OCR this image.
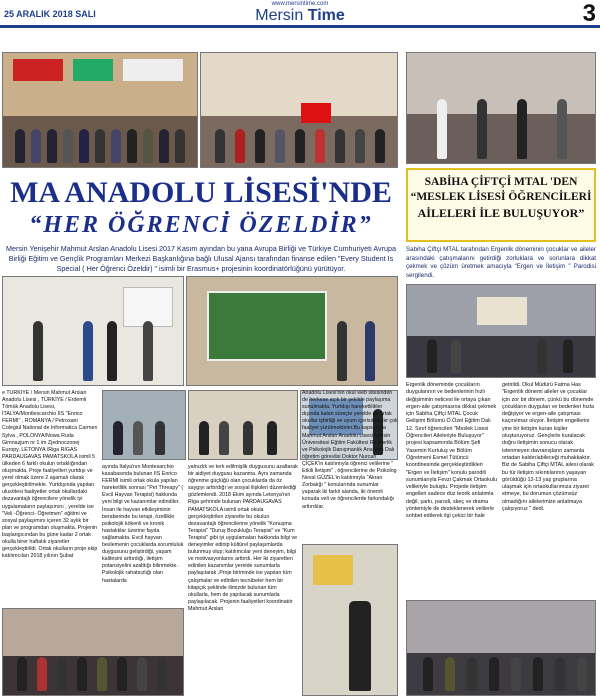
25 ARALIK 2018 SALI
www.mersintime.com
Mersin Time	3
MA ANADOLU LİSESİ'NDE
“HER ÖĞRENCİ ÖZELDİR”
Mersin Yenişehir Mahmut Arslan Anadolu Lisesi 2017 Kasım ayından bu yana Avrupa Birliği ve Türkiye Cumhuriyeti Avrupa Birliği Eğitim ve Gençlik Programları Merkezi Başkanlığına bağlı Ulusal Ajansı tarafından finanse edilen "Every Student Is Special ( Her Öğrenci Özeldir) " isimli bir Erasmus+ projesinin koordinatörlüğünü yürütüyor.
e TÜRKİYE / Mersin Mahmut Arslan Anadolu Lisesi , TÜRKİYE / Erdemli Tömük Anadolu Lisesi, İTALYA/Montlescarchio IIS "Enrico FERMI" , ROMANYA / Petrosani Colegiul National de Informatica Carmen Sylva , POLONYA/Nowa Ruda Gimnazjum nr 1 im Zjednoczonej Europy, LETONYA /Riga RIGAS PARDAUGAVAS PAMATSKOLA isimli 5 ülkeden 6 farklı okulun ortaklığından oluşmakta. Proje faaliyetleri yurtdışı ve yerel olmak üzere 2 aşamalı olarak gerçekleştirilmekte. Yurtdışında yapılan ulusötesi faaliyetler ortak okullardaki dezavantajlı öğrencilere yönelik iyi uygulamaların paylaşımını , yerelde ise "Veli -Öğrenci- Öğretmen" eğitimi ve sosyal paylaşımını içeren 32 aylık bir plan ve programdan oluşmakta. Projenin başlangıcından bu güne kadar 2 ortak okulla birer haftalık ziyaretler gerçekleştirildi. Ortak okulların proje ekip katılımcıları 2018 yılının Şubat
ayında İtalya'nın Montesarchio kasabasında bulunan IIS Enrico FERMI isimli ortak okula yapılan hareketlilik sonrası "Pet Threapy" ( Evcil Hayvan Terapisi) hakkında yeni bilgi ve kazanımlar edindiler. İnsan ile hayvan etkileşiminin beraberinde bu terapi, özellikle psikolojik kökenli ve kronik hastalıklar üzerine fayda sağlamakta. Evcil hayvan beslemenin çocuklarda sorumluluk duygusunu geliştirdiği, yaşam kalitesini arttırdığı, iletişim potansiyelini azalttığı bilinmekte. Psikolojik rahatsızlığı olan hastalarda
yalnızlık ve terk edilmişlik duygusunu azaltarak bir aidiyet duygusu kazanma. Aynı zamanda öğrenme güçlüğü olan çocuklarda da öz saygıyı arttırdığı ve sosyal ilişkileri düzenlediği gözlemlendi. 2018 Ekim ayında Letonya'nın Riga şehrinde bulunan PARDAUGAVAS PAMATSKOLA isimli ortak okula gerçekleştirilen ziyarette bu okulun dezavantajlı öğrencilerine yönelik "Konuşma Terapisi" "Duruş Bozukluğu Terapisi" ve "Kum Terapisi" gibi iyi uygulamaları hakkında bilgi ve deneyimler edinip kültürel paylaşımlarda bulunmuş olup; katılımcılar yeni deneyim, bilgi ve motivasyonlarını arttırdı. Her iki ziyaretten edinilen kazanımlar yerelde sunumlarla paylaşılarak ,Proje biriminde ise yapılan tüm çalışmalar ve edinilen tecrübeler hem bir kitapçık şeklinde ilimizde bulunan tüm okullarla, hem de yapılacak sunumlarla paylaşılacak. Projenin faaliyetleri koordinatör Mahmut Arslan
Anadolu Lisesi'nin okul web sitesinden de herkese açık bir şekilde paylaşıma sunulmakta. Yurtdışı hareketlilikler dışında kalan süreçte yerelde de ortak okullar işbirliği ve uyum içerisinde bir çok faaliyet yürütmekteler.Bu kapsamda Mahmut Arslan Anadolu Lisesi Mersin Üniversitesi Eğitim Fakültesi Rehberlik ve Psikolojik Danışmanlık Anabilim Dalı öğretim görevlisi Doktor Nurcan ÇİÇEK'in katılımıyla öğrenci velilerine " Etkili İletişim" , öğrencilerine de Psikolog Neval GÜZEL'in katılımıyla "Akran Zorbalığı " konularında sunumlar yaparak iki farklı alanda, iki önemli konuda veli ve öğrencilerde farkındalığı arttırdılar.
SABİHA ÇİFTÇİ MTAL 'DEN
“MESLEK LİSESİ ÖĞRENCİLERİ
AİLELERİ İLE BULUŞUYOR”
Sabiha Çiftçi MTAL tarafından Ergenlik döneminin çocuklar ve aileler arasındaki çatışmalarını getirdiği zorluklara ve sorunlara dikkat çekmek ve çözüm üretmek amacıyla "Ergen ve İletişim " Parodisi sergilendi.
Ergenlik döneminde çocukların duygularının ve bedenlerinin hızlı değişiminin neticesi ile ortaya çıkan ergen-aile çatışmasına dikkat çekmek için Sabiha Çiftçi MTAL Çocuk Gelişimi Bölümü Ö.Özel Eğitim Dalı 12. Sınıf öğrencileri "Meslek Lisesi Öğrencileri Aileleriyle Buluşuyor" projesi kapsamında Bölüm Şefi Yasemin Kurtuluş ve Bölüm Öğretmeni Esmel Tütüncü koordinesinde gerçekleştirdikleri "Ergen ve İletişim" konulu parodili sunumlarıyla Fevzi Çakmak Ortaokulu velileriyle buluştu. Projede iletişim engelleri sadece düz teorik anlatımla değil, şarkı, parodi, skeç ve drama yöntemiyle de desteklenerek velilerle sohbet edilerek ilgi çekici bir hale
getirildi. Okul Müdürü Fatma Has "Ergenlik dönemi aileler ve çocuklar için zor bir dönem, çünkü bu dönemde çocukların duyguları ve bedenleri hızla değişiyor ve ergen-aile çatışması kaçınılmaz oluyor. İletişim engellerini yine bir iletişim kuran kişiler oluşturuyoruz. Gençlerle kuralacak doğru iletişimin sonucu olarak istenmeyen davranışların zamanla ortadan kaldırılabileceği muhakkaktır. Biz de Sabiha Çiftçi MTAL ailesi olarak bu tür iletişim sıkıntılarının yaşayan görüldüğü 12-13 yaş gruplarına ulaşmak için ortaokullarımıza ziyaret etmeye, bu dorumun çözümsüz olmadığını ailelerimize anlatmaya çalışıyoruz " dedi.
